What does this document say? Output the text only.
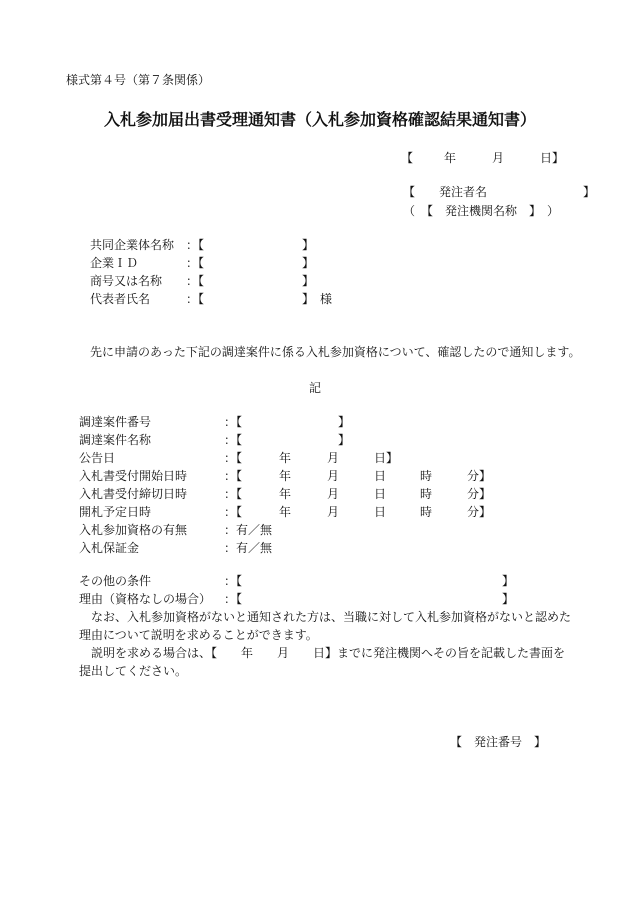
様式第４号（第７条関係）
入札参加届出書受理通知書（入札参加資格確認結果通知書）
【	年	月	日】
【　　発注者名　　　　　　　　】
（　【　発注機関名称　】　）
共同企業体名称　：【	】
企業ＩＤ　　　　：【	】
商号又は名称　　：【	】
代表者氏名　　　：【	】　様
先に申請のあった下記の調達案件に係る入札参加資格について、確認したので通知します。
記
調達案件番号	：【	】
調達案件名称	：【	】
公告日	：【	年	月	日】
入札書受付開始日時	：【	年	月	日	時	分】
入札書受付締切日時	：【	年	月	日	時	分】
開札予定日時	：【	年	月	日	時	分】
入札参加資格の有無	：有／無
入札保証金	：有／無
その他の条件	：【	】
理由（資格なしの場合） ：【	】
　なお、入札参加資格がないと通知された方は、当職に対して入札参加資格がないと認めた
理由について説明を求めることができます。
　説明を求める場合は、【　　年　　月　　日】までに発注機関へその旨を記載した書面を
提出してください。
【　発注番号　】
